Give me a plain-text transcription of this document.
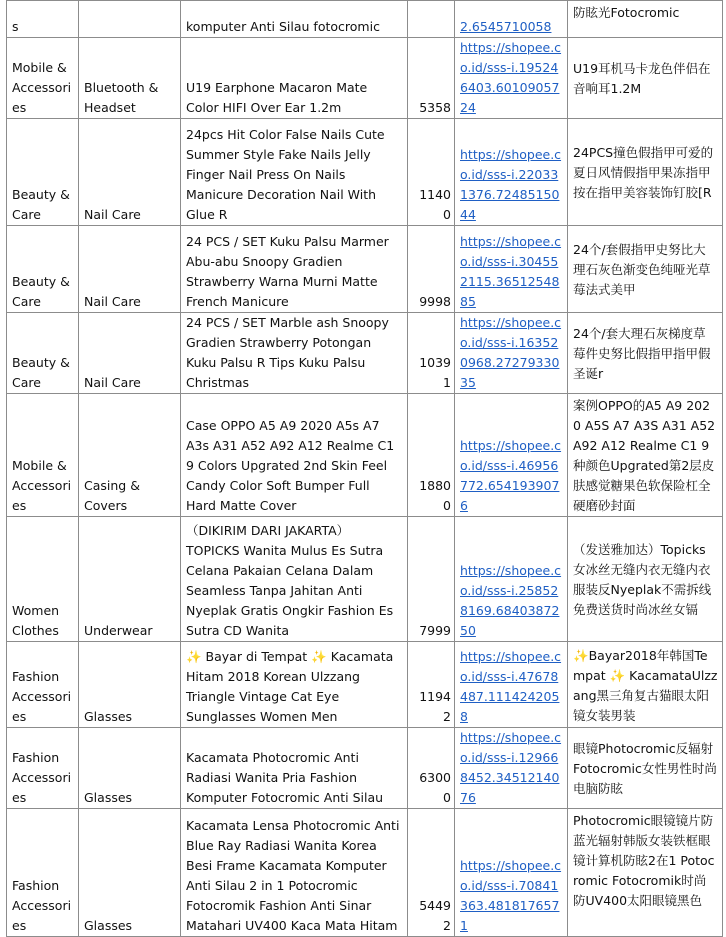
s		komputer Anti Silau fotocromic		2.6545710058	防眩光Fotocromic
Mobile & Accessories	Bluetooth & Headset	U19 Earphone Macaron Mate Color HIFI Over Ear 1.2m	5358	https://shopee.co.id/sss-i.195246403.6010905724	U19耳机马卡龙色伴侣在音响耳1.2M
Beauty & Care	Nail Care	24pcs Hit Color False Nails Cute Summer Style Fake Nails Jelly Finger Nail Press On Nails Manicure Decoration Nail With Glue R	11400	https://shopee.co.id/sss-i.220331376.7248515044	24PCS撞色假指甲可爱的夏日风情假指甲果冻指甲按在指甲美容装饰钉胶[R
Beauty & Care	Nail Care	24 PCS / SET Kuku Palsu Marmer Abu-abu Snoopy Gradien Strawberry Warna Murni Matte French Manicure	9998	https://shopee.co.id/sss-i.304552115.3651254885	24个/套假指甲史努比大理石灰色渐变色纯哑光草莓法式美甲
Beauty & Care	Nail Care	24 PCS / SET Marble ash Snoopy Gradien Strawberry Potongan Kuku Palsu R Tips Kuku Palsu Christmas	10391	https://shopee.co.id/sss-i.163520968.2727933035	24个/套大理石灰梯度草莓件史努比假指甲指甲假圣诞r
Mobile & Accessories	Casing & Covers	Case OPPO A5 A9 2020 A5s A7 A3s A31 A52 A92 A12 Realme C1 9 Colors Upgrated 2nd Skin Feel Candy Color Soft Bumper Full Hard Matte Cover	18800	https://shopee.co.id/sss-i.46956772.6541939076	案例OPPO的A5 A9 2020 A5S A7 A3S A31 A52 A92 A12 Realme C1 9种颜色Upgrated第2层皮肤感觉糖果色软保险杠全硬磨砂封面
Women Clothes	Underwear	（DIKIRIM DARI JAKARTA） TOPICKS Wanita Mulus Es Sutra Celana Pakaian Celana Dalam Seamless Tanpa Jahitan Anti Nyeplak Gratis Ongkir Fashion Es Sutra CD Wanita	7999	https://shopee.co.id/sss-i.258528169.6840387250	（发送雅加达）Topicks女冰丝无缝内衣无缝内衣服装反Nyeplak不需拆线免费送货时尚冰丝女镉
Fashion Accessories	Glasses	✨ Bayar di Tempat ✨ Kacamata Hitam 2018 Korean Ulzzang Triangle Vintage Cat Eye Sunglasses Women Men	11942	https://shopee.co.id/sss-i.47678487.1114242058	✨Bayar2018年韩国Tempat ✨ KacamataUlzzang黑三角复古猫眼太阳镜女装男装
Fashion Accessories	Glasses	Kacamata Photocromic Anti Radiasi Wanita Pria Fashion Komputer Fotocromic Anti Silau	63000	https://shopee.co.id/sss-i.129668452.3451214076	眼镜Photocromic反辐射Fotocromic女性男性时尚电脑防眩
Fashion Accessories	Glasses	Kacamata Lensa Photocromic Anti Blue Ray Radiasi Wanita Korea Besi Frame Kacamata Komputer Anti Silau 2 in 1 Potocromic Fotocromik Fashion Anti Sinar Matahari UV400 Kaca Mata Hitam	54492	https://shopee.co.id/sss-i.70841363.4818176571	Photocromic眼镜镜片防蓝光辐射韩版女装铁框眼镜计算机防眩2在1 Potocromic Fotocromik时尚防UV400太阳眼镜黑色
